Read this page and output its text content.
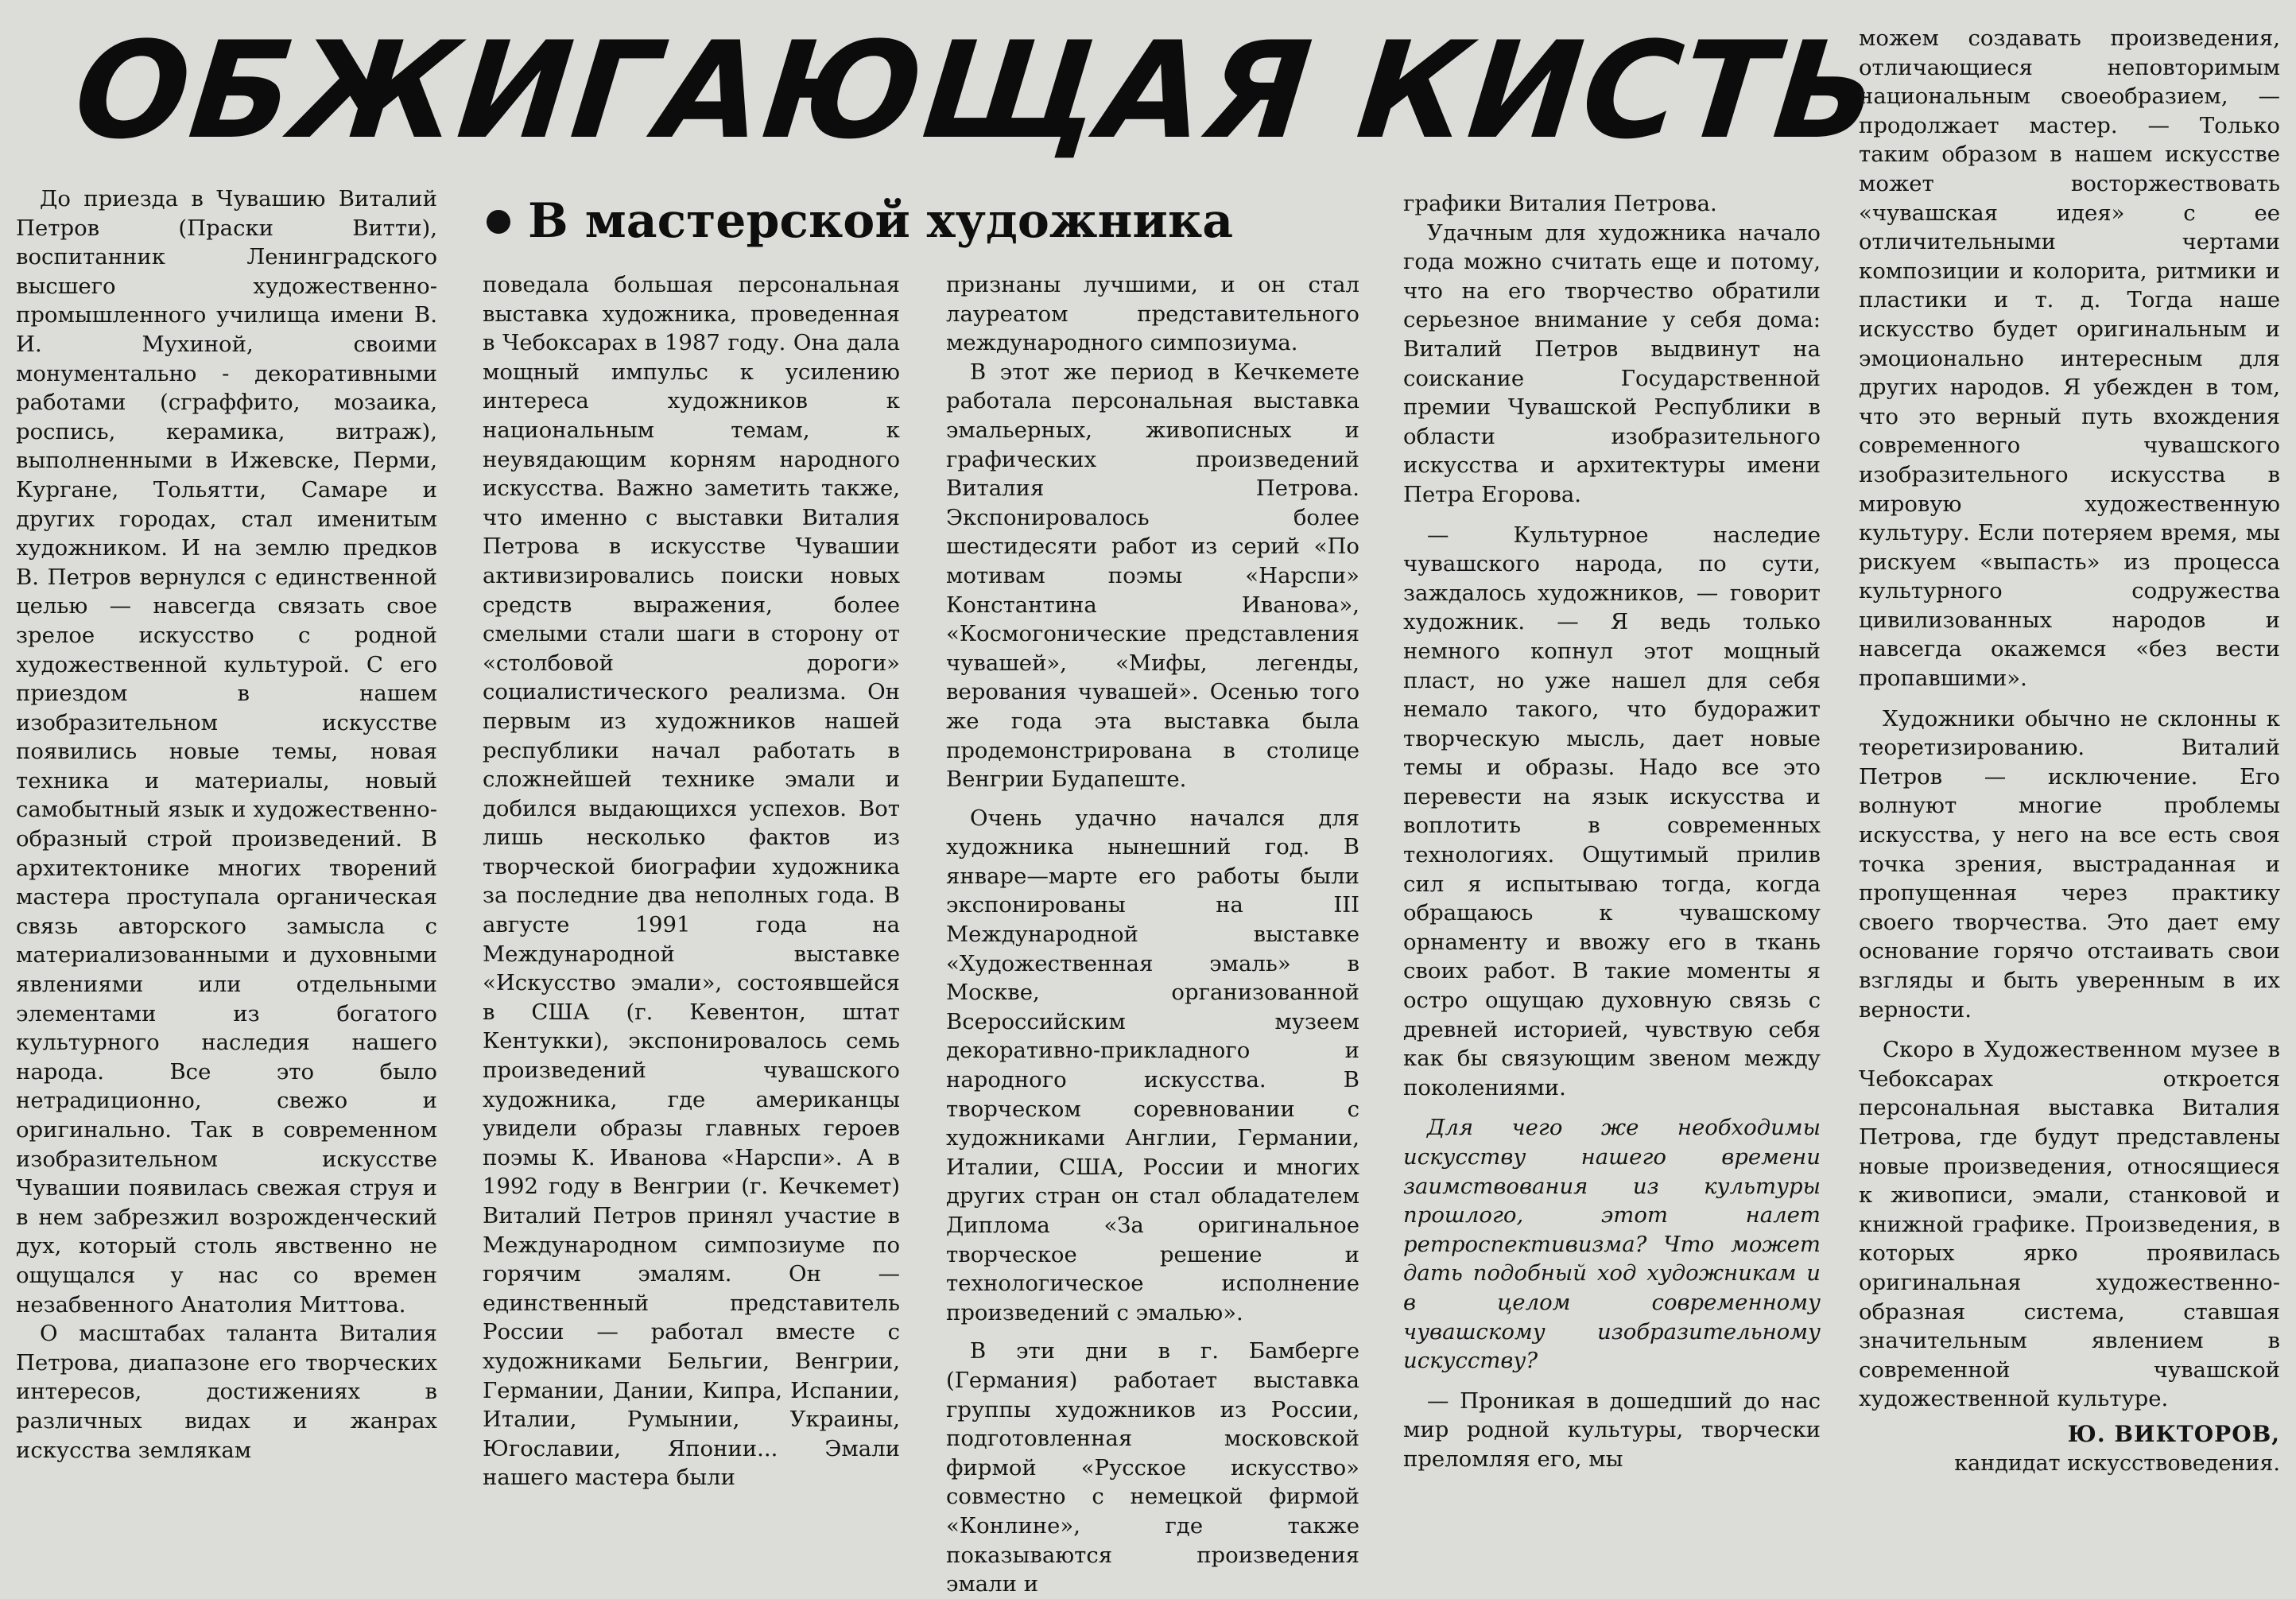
ОБЖИГАЮЩАЯ КИСТЬ
В мастерской художника

До приезда в Чувашию Виталий Петров (Праски Витти), воспитанник Ленинградского высшего художественно-промышленного училища имени В. И. Мухиной, своими монументально - декоративными работами (сграффито, мозаика, роспись, керамика, витраж), выполненными в Ижевске, Перми, Кургане, Тольятти, Самаре и других городах, стал именитым художником. И на землю предков В. Петров вернулся с единственной целью — навсегда связать свое зрелое искусство с родной художественной культурой. С его приездом в нашем изобразительном искусстве появились новые темы, новая техника и материалы, новый самобытный язык и художественно-образный строй произведений. В архитектонике многих творений мастера проступала органическая связь авторского замысла с материализованными и духовными явлениями или отдельными элементами из богатого культурного наследия нашего народа. Все это было нетрадиционно, свежо и оригинально. Так в современном изобразительном искусстве Чувашии появилась свежая струя и в нем забрезжил возрожденческий дух, который столь явственно не ощущался у нас со времен незабвенного Анатолия Миттова.

О масштабах таланта Виталия Петрова, диапазоне его творческих интересов, достижениях в различных видах и жанрах искусства землякам

поведала большая персональная выставка художника, проведенная в Чебоксарах в 1987 году. Она дала мощный импульс к усилению интереса художников к национальным темам, к неувядающим корням народного искусства. Важно заметить также, что именно с выставки Виталия Петрова в искусстве Чувашии активизировались поиски новых средств выражения, более смелыми стали шаги в сторону от «столбовой дороги» социалистического реализма. Он первым из художников нашей республики начал работать в сложнейшей технике эмали и добился выдающихся успехов. Вот лишь несколько фактов из творческой биографии художника за последние два неполных года. В августе 1991 года на Международной выставке «Искусство эмали», состоявшейся в США (г. Кевентон, штат Кентукки), экспонировалось семь произведений чувашского художника, где американцы увидели образы главных героев поэмы К. Иванова «Нарспи». А в 1992 году в Венгрии (г. Кечкемет) Виталий Петров принял участие в Международном симпозиуме по горячим эмалям. Он — единственный представитель России — работал вместе с художниками Бельгии, Венгрии, Германии, Дании, Кипра, Испании, Италии, Румынии, Украины, Югославии, Японии... Эмали нашего мастера были

признаны лучшими, и он стал лауреатом представительного международного симпозиума.

В этот же период в Кечкемете работала персональная выставка эмальерных, живописных и графических произведений Виталия Петрова. Экспонировалось более шестидесяти работ из серий «По мотивам поэмы «Нарспи» Константина Иванова», «Космогонические представления чувашей», «Мифы, легенды, верования чувашей». Осенью того же года эта выставка была продемонстрирована в столице Венгрии Будапеште.

Очень удачно начался для художника нынешний год. В январе—марте его работы были экспонированы на III Международной выставке «Художественная эмаль» в Москве, организованной Всероссийским музеем декоративно-прикладного и народного искусства. В творческом соревновании с художниками Англии, Германии, Италии, США, России и многих других стран он стал обладателем Диплома «За оригинальное творческое решение и технологическое исполнение произведений с эмалью».

В эти дни в г. Бамберге (Германия) работает выставка группы художников из России, подготовленная московской фирмой «Русское искусство» совместно с немецкой фирмой «Конлине», где также показываются произведения эмали и

графики Виталия Петрова.

Удачным для художника начало года можно считать еще и потому, что на его творчество обратили серьезное внимание у себя дома: Виталий Петров выдвинут на соискание Государственной премии Чувашской Республики в области изобразительного искусства и архитектуры имени Петра Егорова.

— Культурное наследие чувашского народа, по сути, заждалось художников, — говорит художник. — Я ведь только немного копнул этот мощный пласт, но уже нашел для себя немало такого, что будоражит творческую мысль, дает новые темы и образы. Надо все это перевести на язык искусства и воплотить в современных технологиях. Ощутимый прилив сил я испытываю тогда, когда обращаюсь к чувашскому орнаменту и ввожу его в ткань своих работ. В такие моменты я остро ощущаю духовную связь с древней историей, чувствую себя как бы связующим звеном между поколениями.

Для чего же необходимы искусству нашего времени заимствования из культуры прошлого, этот налет ретроспективизма? Что может дать подобный ход художникам и в целом современному чувашскому изобразительному искусству?

— Проникая в дошедший до нас мир родной культуры, творчески преломляя его, мы

можем создавать произведения, отличающиеся неповторимым национальным своеобразием, — продолжает мастер. — Только таким образом в нашем искусстве может восторжествовать «чувашская идея» с ее отличительными чертами композиции и колорита, ритмики и пластики и т. д. Тогда наше искусство будет оригинальным и эмоционально интересным для других народов. Я убежден в том, что это верный путь вхождения современного чувашского изобразительного искусства в мировую художественную культуру. Если потеряем время, мы рискуем «выпасть» из процесса культурного содружества цивилизованных народов и навсегда окажемся «без вести пропавшими».

Художники обычно не склонны к теоретизированию. Виталий Петров — исключение. Его волнуют многие проблемы искусства, у него на все есть своя точка зрения, выстраданная и пропущенная через практику своего творчества. Это дает ему основание горячо отстаивать свои взгляды и быть уверенным в их верности.

Скоро в Художественном музее в Чебоксарах откроется персональная выставка Виталия Петрова, где будут представлены новые произведения, относящиеся к живописи, эмали, станковой и книжной графике. Произведения, в которых ярко проявилась оригинальная художественно-образная система, ставшая значительным явлением в современной чувашской художественной культуре.

Ю. ВИКТОРОВ,
кандидат искусствоведения.
